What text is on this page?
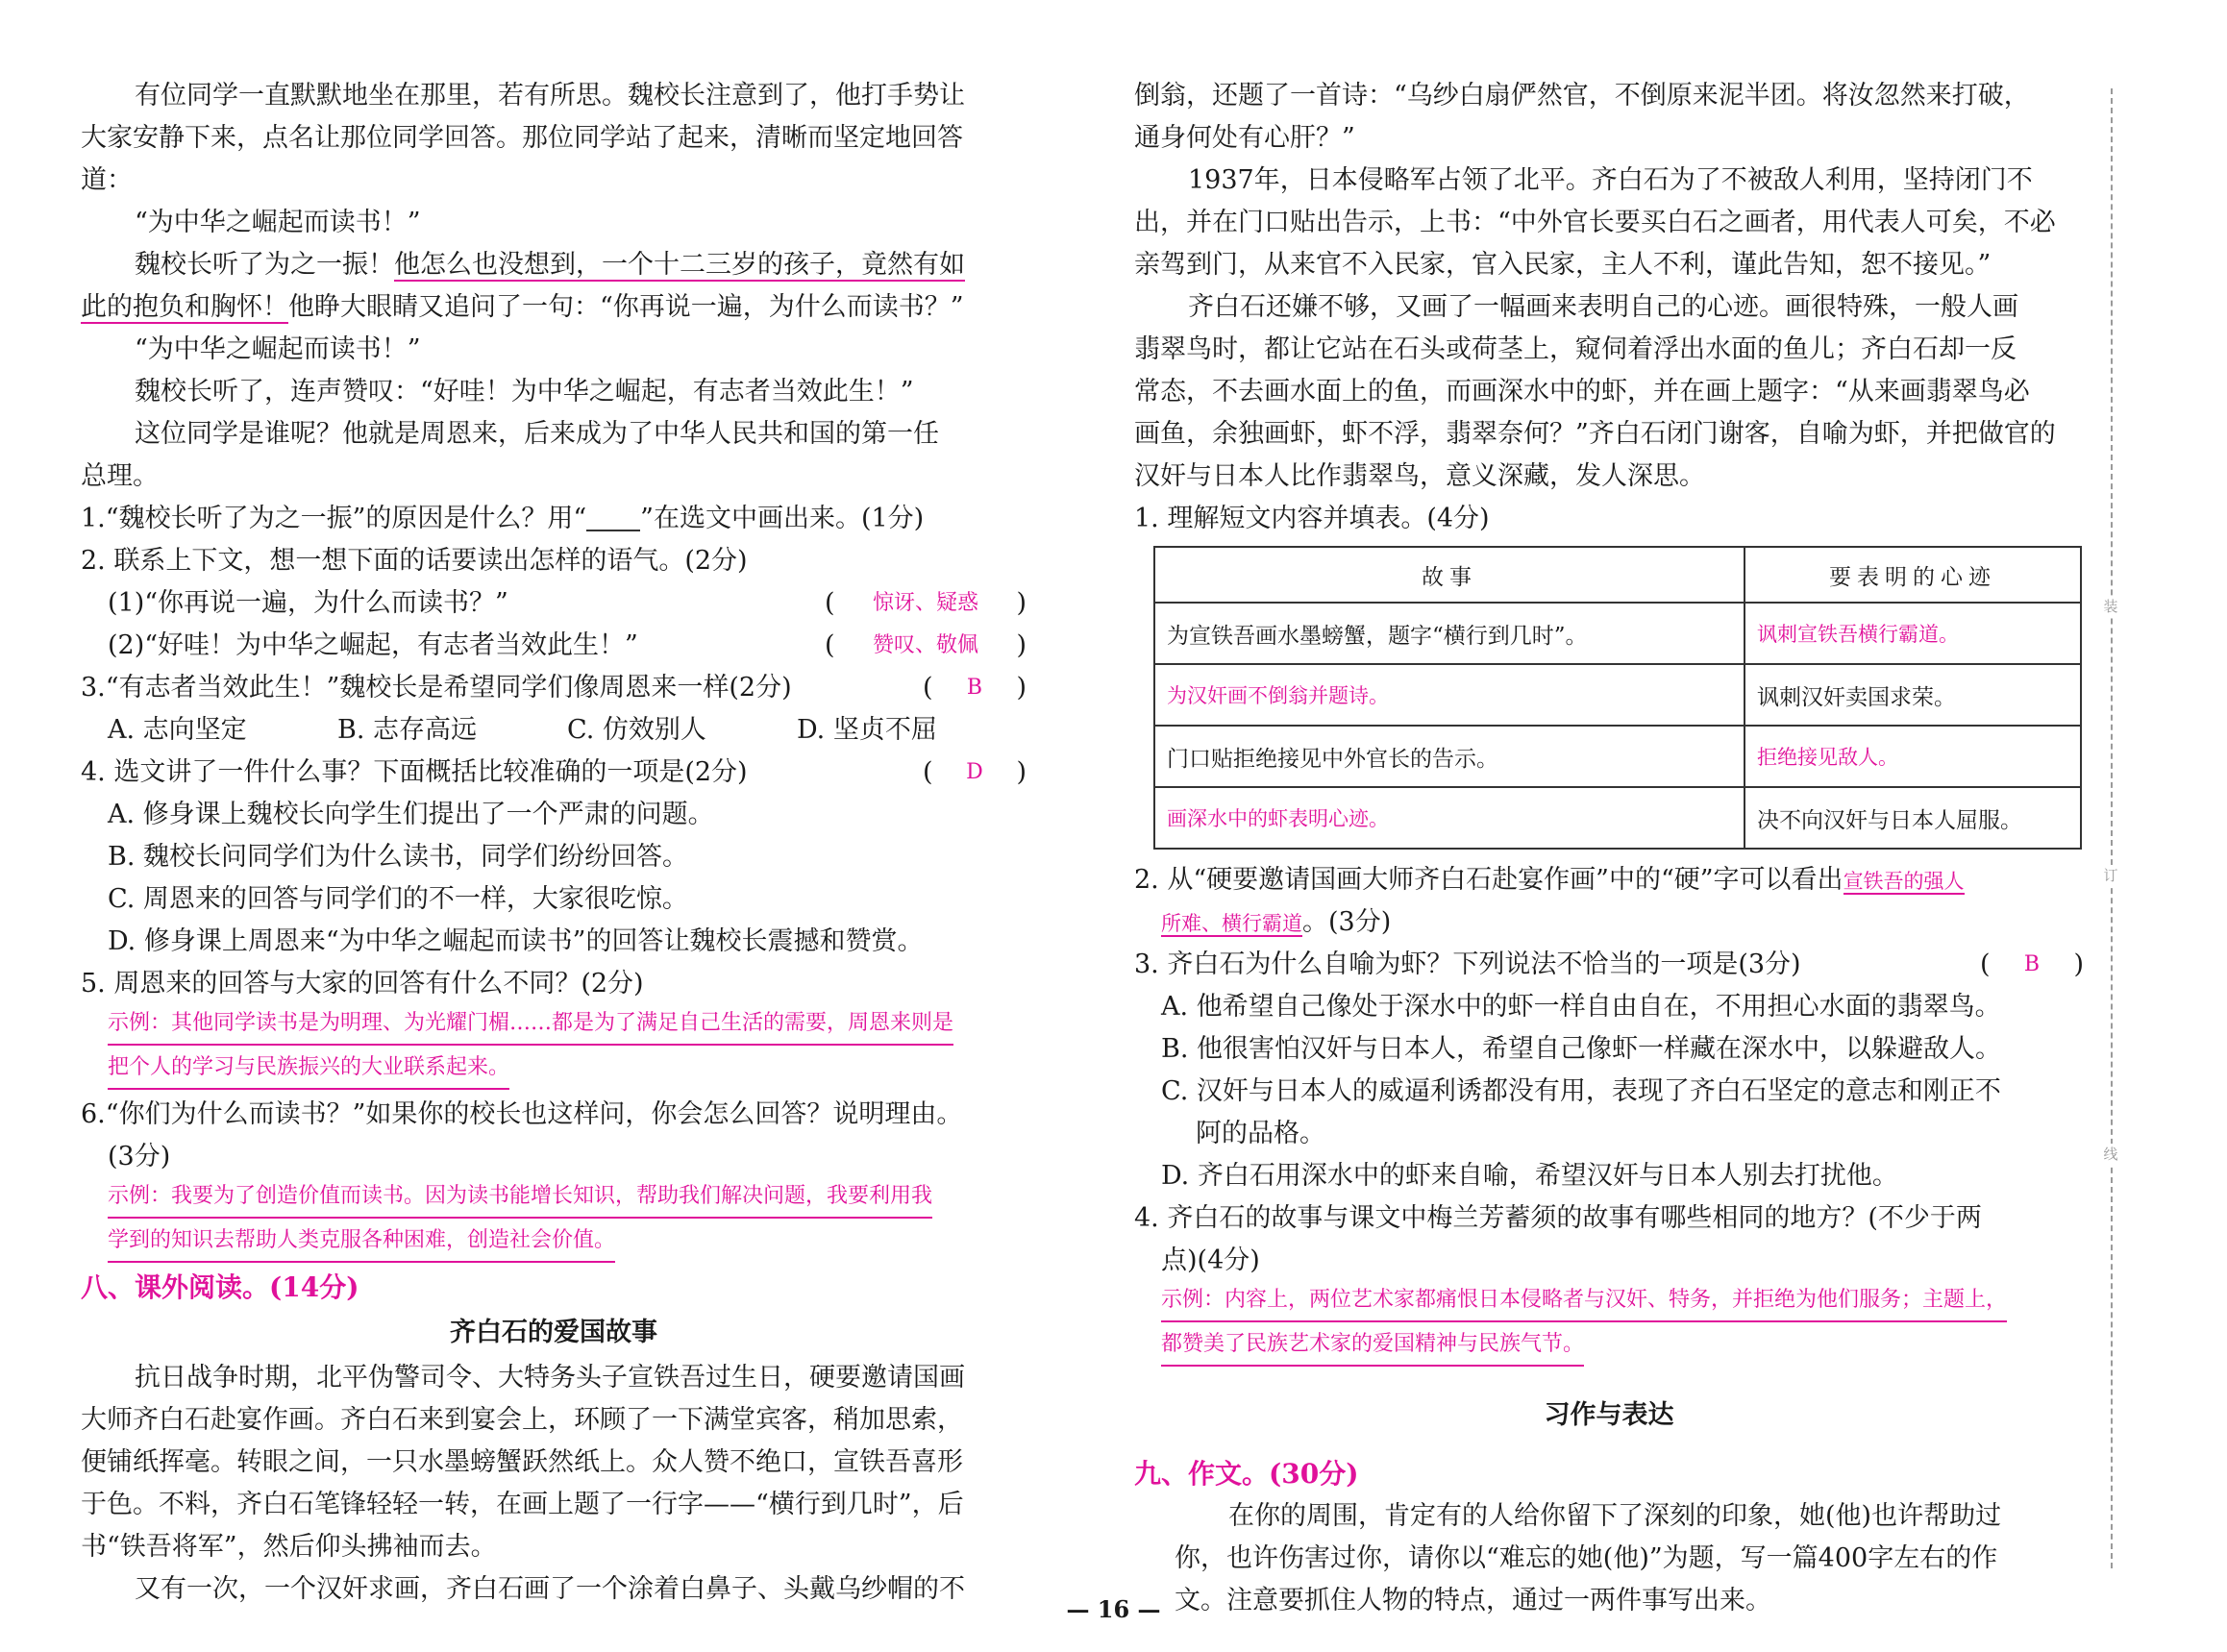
有位同学一直默默地坐在那里，若有所思。魏校长注意到了，他打手势让
大家安静下来，点名让那位同学回答。那位同学站了起来，清晰而坚定地回答
道：
“为中华之崛起而读书！”
魏校长听了为之一振！他怎么也没想到，一个十二三岁的孩子，竟然有如
此的抱负和胸怀！他睁大眼睛又追问了一句：“你再说一遍，为什么而读书？”
“为中华之崛起而读书！”
魏校长听了，连声赞叹：“好哇！为中华之崛起，有志者当效此生！”
这位同学是谁呢？他就是周恩来，后来成为了中华人民共和国的第一任
总理。
1.“魏校长听了为之一振”的原因是什么？用“ ”在选文中画出来。(1分)
2. 联系上下文，想一想下面的话要读出怎样的语气。(2分)
(1)“你再说一遍，为什么而读书？”	( 惊讶、疑惑 )
(2)“好哇！为中华之崛起，有志者当效此生！”	( 赞叹、敬佩 )
3.“有志者当效此生！”魏校长是希望同学们像周恩来一样(2分)	( B )
A. 志向坚定	B. 志存高远	C. 仿效别人	D. 坚贞不屈
4. 选文讲了一件什么事？下面概括比较准确的一项是(2分)	( D )
A. 修身课上魏校长向学生们提出了一个严肃的问题。
B. 魏校长问同学们为什么读书，同学们纷纷回答。
C. 周恩来的回答与同学们的不一样，大家很吃惊。
D. 修身课上周恩来“为中华之崛起而读书”的回答让魏校长震撼和赞赏。
5. 周恩来的回答与大家的回答有什么不同？(2分)
示例：其他同学读书是为明理、为光耀门楣……都是为了满足自己生活的需要，周恩来则是
把个人的学习与民族振兴的大业联系起来。
6.“你们为什么而读书？”如果你的校长也这样问，你会怎么回答？说明理由。
(3分)
示例：我要为了创造价值而读书。因为读书能增长知识，帮助我们解决问题，我要利用我
学到的知识去帮助人类克服各种困难，创造社会价值。
八、课外阅读。(14分)
齐白石的爱国故事
抗日战争时期，北平伪警司令、大特务头子宣铁吾过生日，硬要邀请国画
大师齐白石赴宴作画。齐白石来到宴会上，环顾了一下满堂宾客，稍加思索，
便铺纸挥毫。转眼之间，一只水墨螃蟹跃然纸上。众人赞不绝口，宣铁吾喜形
于色。不料，齐白石笔锋轻轻一转，在画上题了一行字——“横行到几时”，后
书“铁吾将军”，然后仰头拂袖而去。
又有一次，一个汉奸求画，齐白石画了一个涂着白鼻子、头戴乌纱帽的不
倒翁，还题了一首诗：“乌纱白扇俨然官，不倒原来泥半团。将汝忽然来打破，
通身何处有心肝？”
1937年，日本侵略军占领了北平。齐白石为了不被敌人利用，坚持闭门不
出，并在门口贴出告示，上书：“中外官长要买白石之画者，用代表人可矣，不必
亲驾到门，从来官不入民家，官入民家，主人不利，谨此告知，恕不接见。”
齐白石还嫌不够，又画了一幅画来表明自己的心迹。画很特殊，一般人画
翡翠鸟时，都让它站在石头或荷茎上，窥伺着浮出水面的鱼儿；齐白石却一反
常态，不去画水面上的鱼，而画深水中的虾，并在画上题字：“从来画翡翠鸟必
画鱼，余独画虾，虾不浮，翡翠奈何？”齐白石闭门谢客，自喻为虾，并把做官的
汉奸与日本人比作翡翠鸟，意义深藏，发人深思。
1. 理解短文内容并填表。(4分)
故事	要表明的心迹
为宣铁吾画水墨螃蟹，题字“横行到几时”。	讽刺宣铁吾横行霸道。
为汉奸画不倒翁并题诗。	讽刺汉奸卖国求荣。
门口贴拒绝接见中外官长的告示。	拒绝接见敌人。
画深水中的虾表明心迹。	决不向汉奸与日本人屈服。
2. 从“硬要邀请国画大师齐白石赴宴作画”中的“硬”字可以看出宣铁吾的强人
所难、横行霸道。(3分)
3. 齐白石为什么自喻为虾？下列说法不恰当的一项是(3分)	( B )
A. 他希望自己像处于深水中的虾一样自由自在，不用担心水面的翡翠鸟。
B. 他很害怕汉奸与日本人，希望自己像虾一样藏在深水中，以躲避敌人。
C. 汉奸与日本人的威逼利诱都没有用，表现了齐白石坚定的意志和刚正不
阿的品格。
D. 齐白石用深水中的虾来自喻，希望汉奸与日本人别去打扰他。
4. 齐白石的故事与课文中梅兰芳蓄须的故事有哪些相同的地方？(不少于两
点)(4分)
示例：内容上，两位艺术家都痛恨日本侵略者与汉奸、特务，并拒绝为他们服务；主题上，
都赞美了民族艺术家的爱国精神与民族气节。
习作与表达
九、作文。(30分)
在你的周围，肯定有的人给你留下了深刻的印象，她(他)也许帮助过
你，也许伤害过你，请你以“难忘的她(他)”为题，写一篇400字左右的作
文。注意要抓住人物的特点，通过一两件事写出来。
装
订
线
— 16 —
